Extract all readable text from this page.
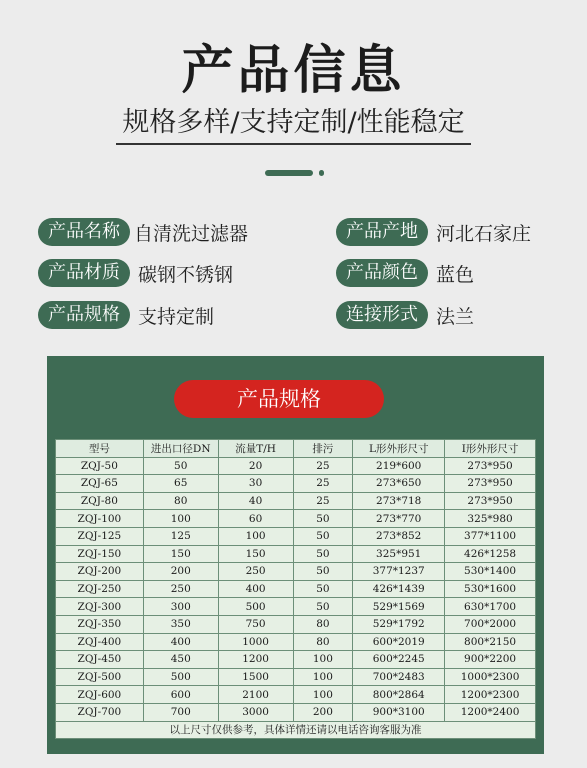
产品信息
规格多样/支持定制/性能稳定
产品名称 自清洗过滤器	产品产地 河北石家庄
产品材质 碳钢不锈钢	产品颜色 蓝色
产品规格 支持定制	连接形式 法兰
产品规格
型号	进出口径DN	流量T/H	排污	L形外形尺寸	I形外形尺寸
ZQJ-50	50	20	25	219*600	273*950
ZQJ-65	65	30	25	273*650	273*950
ZQJ-80	80	40	25	273*718	273*950
ZQJ-100	100	60	50	273*770	325*980
ZQJ-125	125	100	50	273*852	377*1100
ZQJ-150	150	150	50	325*951	426*1258
ZQJ-200	200	250	50	377*1237	530*1400
ZQJ-250	250	400	50	426*1439	530*1600
ZQJ-300	300	500	50	529*1569	630*1700
ZQJ-350	350	750	80	529*1792	700*2000
ZQJ-400	400	1000	80	600*2019	800*2150
ZQJ-450	450	1200	100	600*2245	900*2200
ZQJ-500	500	1500	100	700*2483	1000*2300
ZQJ-600	600	2100	100	800*2864	1200*2300
ZQJ-700	700	3000	200	900*3100	1200*2400
以上尺寸仅供参考，具体详情还请以电话咨询客服为准					
